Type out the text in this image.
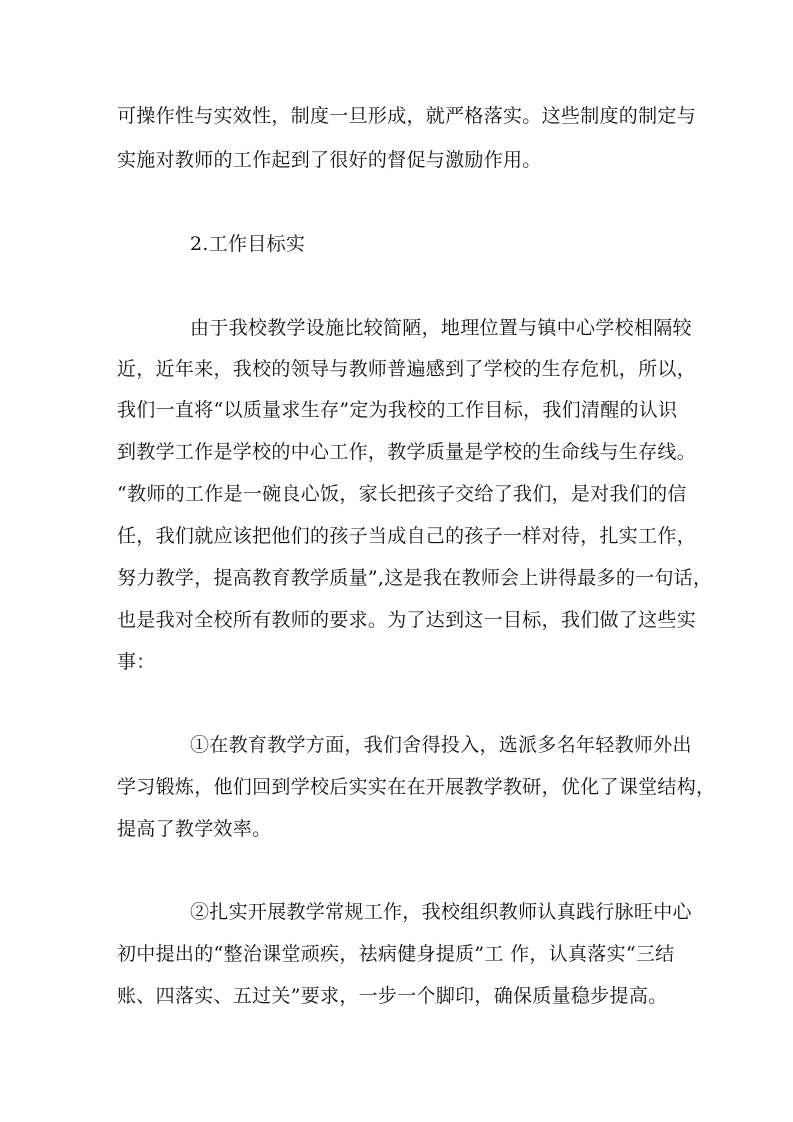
可操作性与实效性，制度一旦形成，就严格落实。这些制度的制定与
实施对教师的工作起到了很好的督促与激励作用。
2.工作目标实
由于我校教学设施比较简陋，地理位置与镇中心学校相隔较
近，近年来，我校的领导与教师普遍感到了学校的生存危机，所以，
我们一直将“以质量求生存”定为我校的工作目标，我们清醒的认识
到教学工作是学校的中心工作，教学质量是学校的生命线与生存线。
“教师的工作是一碗良心饭，家长把孩子交给了我们，是对我们的信
任，我们就应该把他们的孩子当成自己的孩子一样对待，扎实工作，
努力教学，提高教育教学质量”,这是我在教师会上讲得最多的一句话，
也是我对全校所有教师的要求。为了达到这一目标，我们做了这些实
事：
①在教育教学方面，我们舍得投入，选派多名年轻教师外出
学习锻炼，他们回到学校后实实在在开展教学教研，优化了课堂结构，
提高了教学效率。
②扎实开展教学常规工作，我校组织教师认真践行脉旺中心
初中提出的“整治课堂顽疾，祛病健身提质”工 作，认真落实“三结
账、四落实、五过关”要求，一步一个脚印，确保质量稳步提高。
